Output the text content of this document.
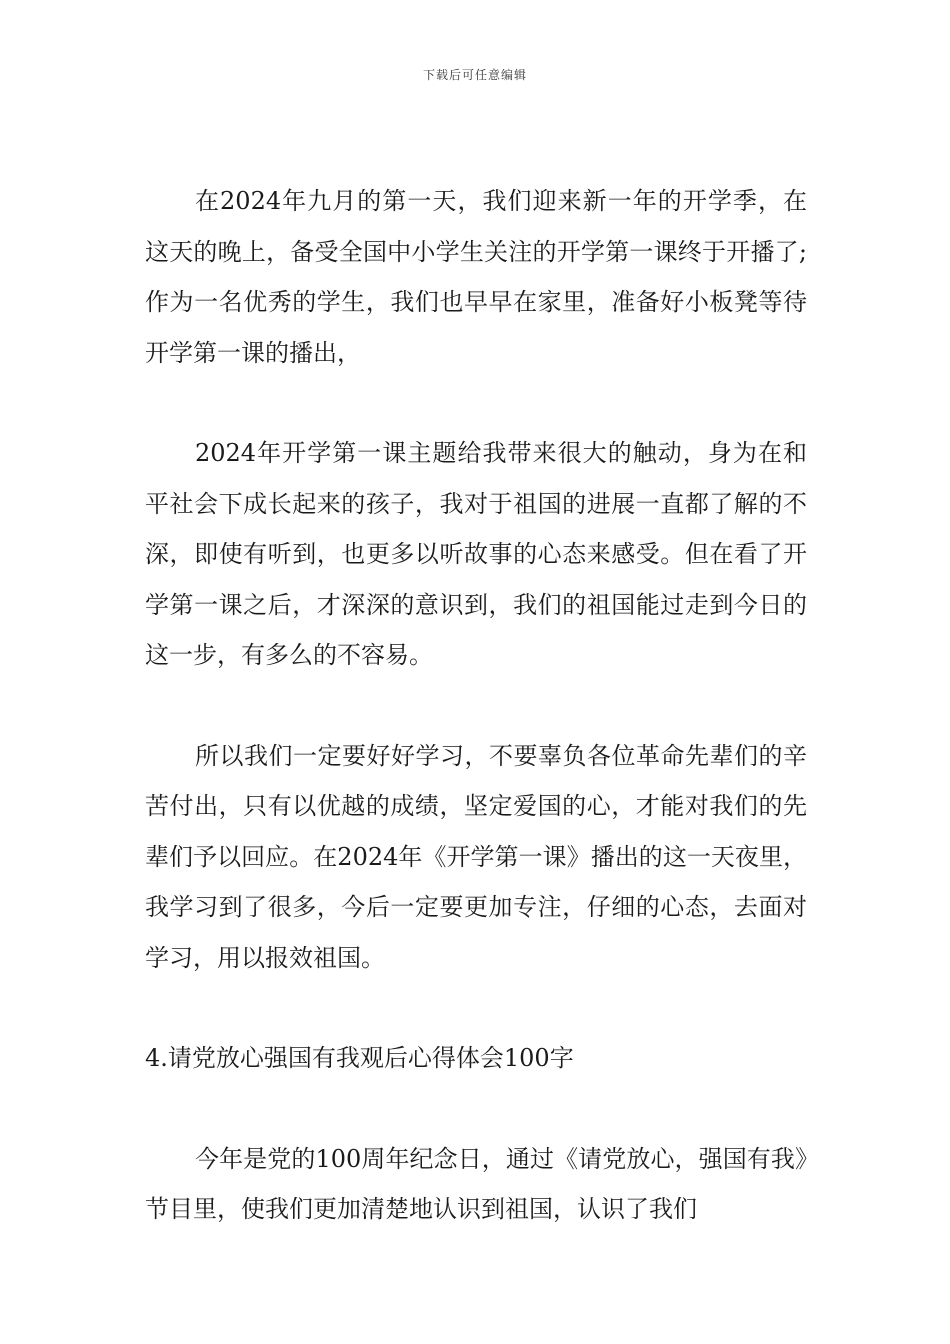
下载后可任意编辑

在2024年九月的第一天，我们迎来新一年的开学季，在这天的晚上，备受全国中小学生关注的开学第一课终于开播了;作为一名优秀的学生，我们也早早在家里，准备好小板凳等待开学第一课的播出，

2024年开学第一课主题给我带来很大的触动，身为在和平社会下成长起来的孩子，我对于祖国的进展一直都了解的不深，即使有听到，也更多以听故事的心态来感受。但在看了开学第一课之后，才深深的意识到，我们的祖国能过走到今日的这一步，有多么的不容易。

所以我们一定要好好学习，不要辜负各位革命先辈们的辛苦付出，只有以优越的成绩，坚定爱国的心，才能对我们的先辈们予以回应。在2024年《开学第一课》播出的这一天夜里，我学习到了很多，今后一定要更加专注，仔细的心态，去面对学习，用以报效祖国。

4.请党放心强国有我观后心得体会100字

今年是党的100周年纪念日，通过《请党放心，强国有我》节目里，使我们更加清楚地认识到祖国，认识了我们
